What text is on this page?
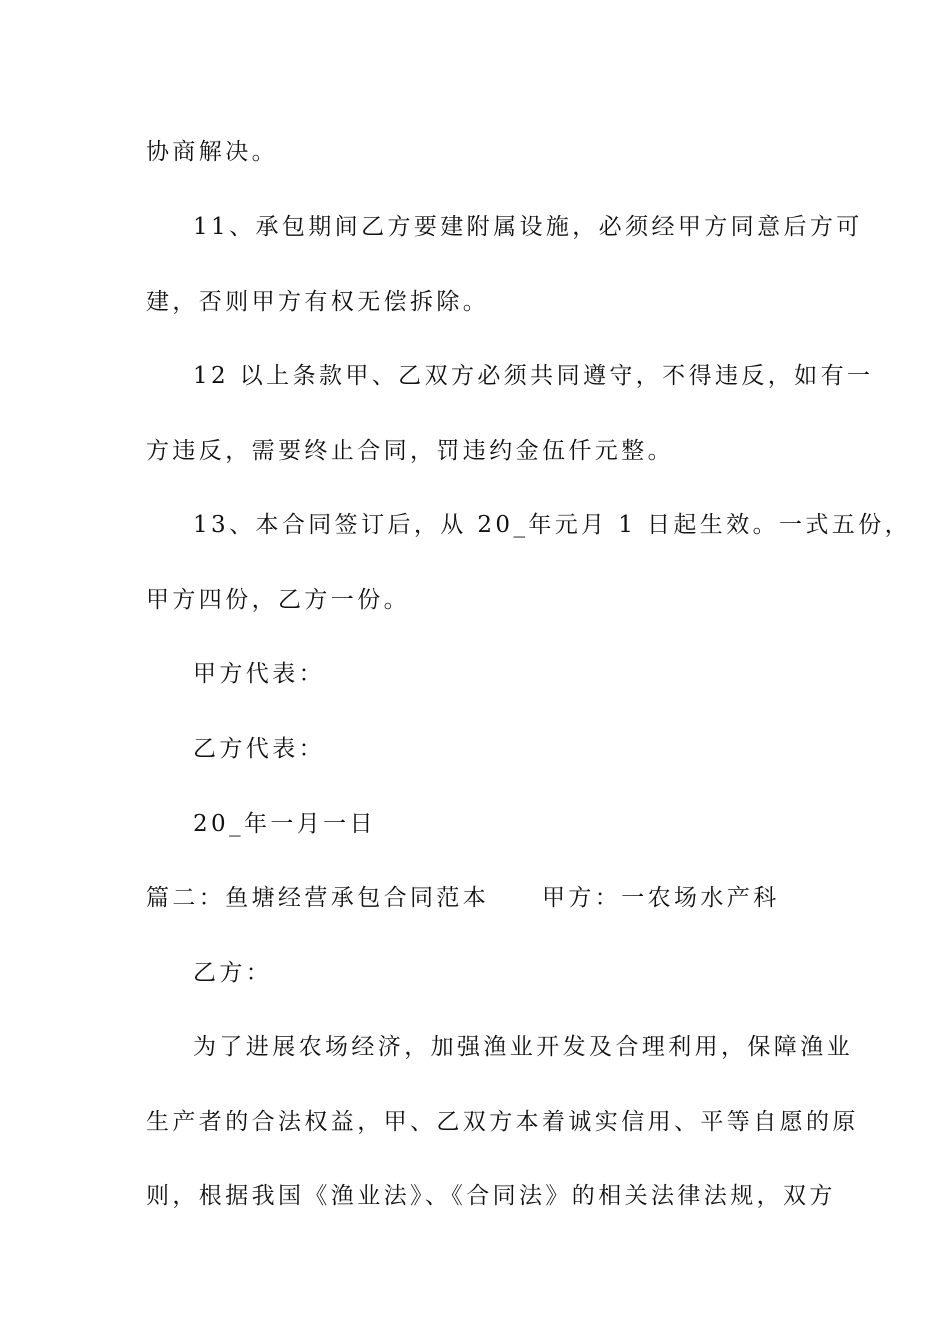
协商解决。
11、承包期间乙方要建附属设施，必须经甲方同意后方可
建，否则甲方有权无偿拆除。
12 以上条款甲、乙双方必须共同遵守，不得违反，如有一
方违反，需要终止合同，罚违约金伍仟元整。
13、本合同签订后，从 20_年元月 1 日起生效。一式五份，
甲方四份，乙方一份。
甲方代表：
乙方代表：
20_年一月一日
篇二：鱼塘经营承包合同范本　　甲方：一农场水产科
乙方：
为了进展农场经济，加强渔业开发及合理利用，保障渔业
生产者的合法权益，甲、乙双方本着诚实信用、平等自愿的原
则，根据我国《渔业法》、《合同法》的相关法律法规，双方
